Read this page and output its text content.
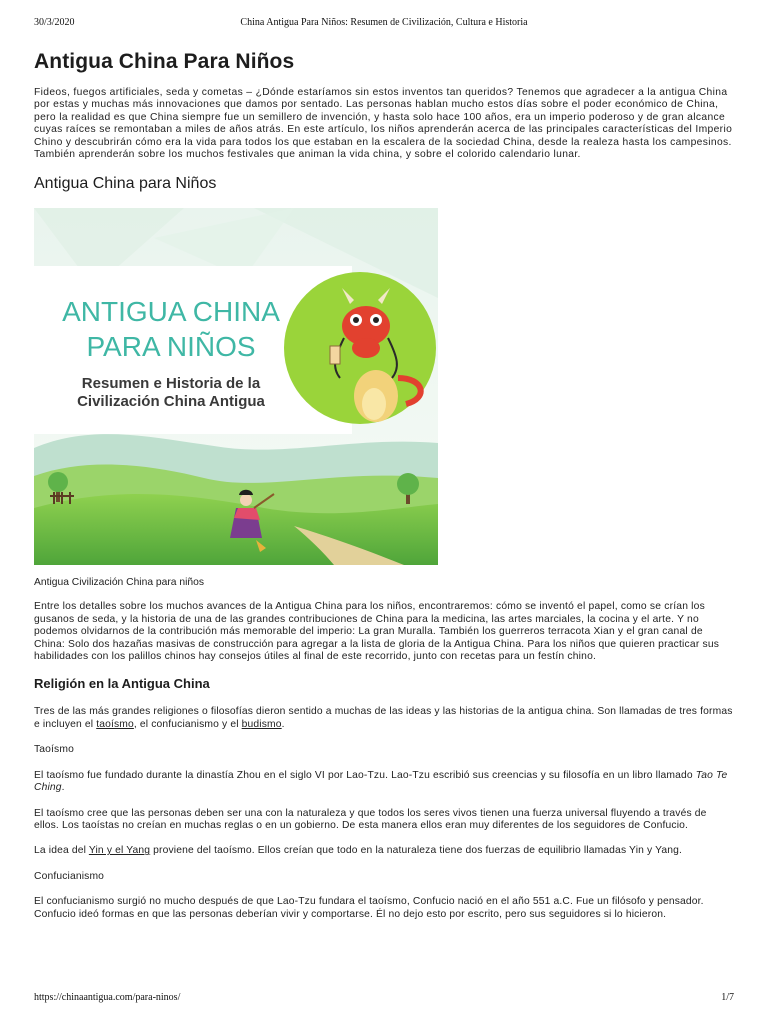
30/3/2020	China Antigua Para Niños: Resumen de Civilización, Cultura e Historia
Antigua China Para Niños

Fideos, fuegos artificiales, seda y cometas – ¿Dónde estaríamos sin estos inventos tan queridos? Tenemos que agradecer a la antigua China por estas y muchas más innovaciones que damos por sentado. Las personas hablan mucho estos días sobre el poder económico de China, pero la realidad es que China siempre fue un semillero de invención, y hasta solo hace 100 años, era un imperio poderoso y de gran alcance cuyas raíces se remontaban a miles de años atrás. En este artículo, los niños aprenderán acerca de las principales características del Imperio Chino y descubrirán cómo era la vida para todos los que estaban en la escalera de la sociedad China, desde la realeza hasta los campesinos. También aprenderán sobre los muchos festivales que animan la vida china, y sobre el colorido calendario lunar.

Antigua China para Niños
ANTIGUA CHINA
PARA NIÑOS
Resumen e Historia de la
Civilización China Antigua

Antigua Civilización China para niños

Entre los detalles sobre los muchos avances de la Antigua China para los niños, encontraremos: cómo se inventó el papel, como se crían los gusanos de seda, y la historia de una de las grandes contribuciones de China para la medicina, las artes marciales, la cocina y el arte. Y no podemos olvidarnos de la contribución más memorable del imperio: La gran Muralla. También los guerreros terracota Xian y el gran canal de China: Solo dos hazañas masivas de construcción para agregar a la lista de gloria de la Antigua China. Para los niños que quieren practicar sus habilidades con los palillos chinos hay consejos útiles al final de este recorrido, junto con recetas para un festín chino.

Religión en la Antigua China

Tres de las más grandes religiones o filosofías dieron sentido a muchas de las ideas y las historias de la antigua china. Son llamadas de tres formas e incluyen el taoísmo, el confucianismo y el budismo.

Taoísmo

El taoísmo fue fundado durante la dinastía Zhou en el siglo VI por Lao-Tzu. Lao-Tzu escribió sus creencias y su filosofía en un libro llamado Tao Te Ching.

El taoísmo cree que las personas deben ser una con la naturaleza y que todos los seres vivos tienen una fuerza universal fluyendo a través de ellos. Los taoístas no creían en muchas reglas o en un gobierno. De esta manera ellos eran muy diferentes de los seguidores de Confucio.

La idea del Yin y el Yang proviene del taoísmo. Ellos creían que todo en la naturaleza tiene dos fuerzas de equilibrio llamadas Yin y Yang.

Confucianismo

El confucianismo surgió no mucho después de que Lao-Tzu fundara el taoísmo, Confucio nació en el año 551 a.C. Fue un filósofo y pensador. Confucio ideó formas en que las personas deberían vivir y comportarse. Él no dejo esto por escrito, pero sus seguidores si lo hicieron.

https://chinaantigua.com/para-ninos/	1/7
